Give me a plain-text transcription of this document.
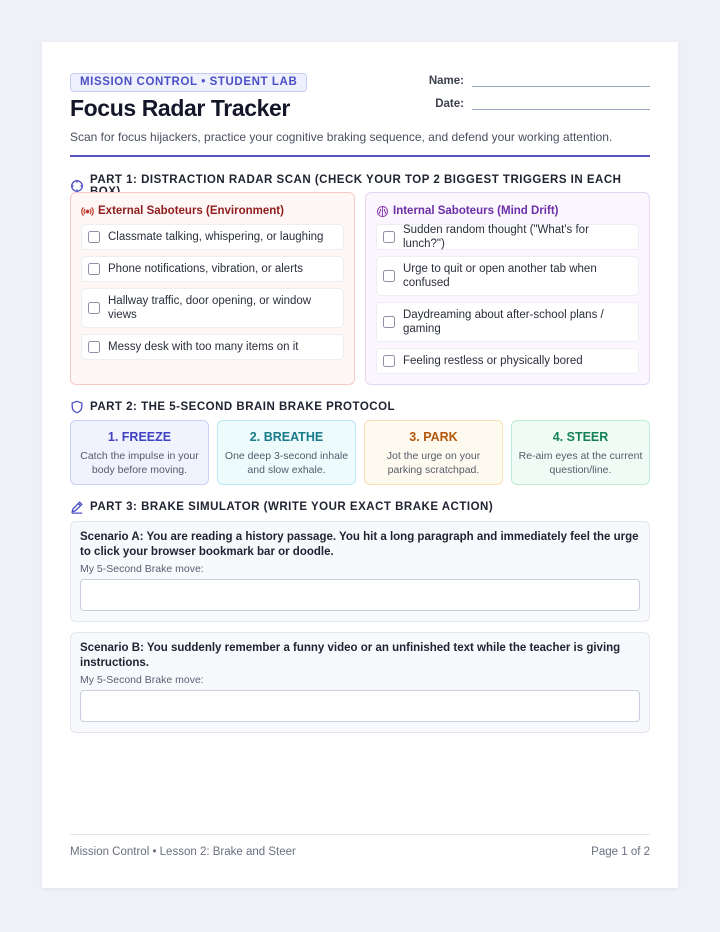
MISSION CONTROL • STUDENT LAB
Focus Radar Tracker
Name:
Date:
Scan for focus hijackers, practice your cognitive braking sequence, and defend your working attention.
PART 1: DISTRACTION RADAR SCAN (CHECK YOUR TOP 2 BIGGEST TRIGGERS IN EACH
External Saboteurs (Environment)
Classmate talking, whispering, or laughing
Phone notifications, vibration, or alerts
Hallway traffic, door opening, or window views
Messy desk with too many items on it
Internal Saboteurs (Mind Drift)
Sudden random thought ("What's for lunch?")
Urge to quit or open another tab when confused
Daydreaming about after-school plans / gaming
Feeling restless or physically bored
PART 2: THE 5-SECOND BRAIN BRAKE PROTOCOL
1. FREEZE
Catch the impulse in your body before moving.
2. BREATHE
One deep 3-second inhale and slow exhale.
3. PARK
Jot the urge on your parking scratchpad.
4. STEER
Re-aim eyes at the current question/line.
PART 3: BRAKE SIMULATOR (WRITE YOUR EXACT BRAKE ACTION)
Scenario A: You are reading a history passage. You hit a long paragraph and immediately feel the urge to click your browser bookmark bar or doodle.
My 5-Second Brake move:
Scenario B: You suddenly remember a funny video or an unfinished text while the teacher is giving instructions.
My 5-Second Brake move:
Mission Control • Lesson 2: Brake and Steer	Page 1 of 2
